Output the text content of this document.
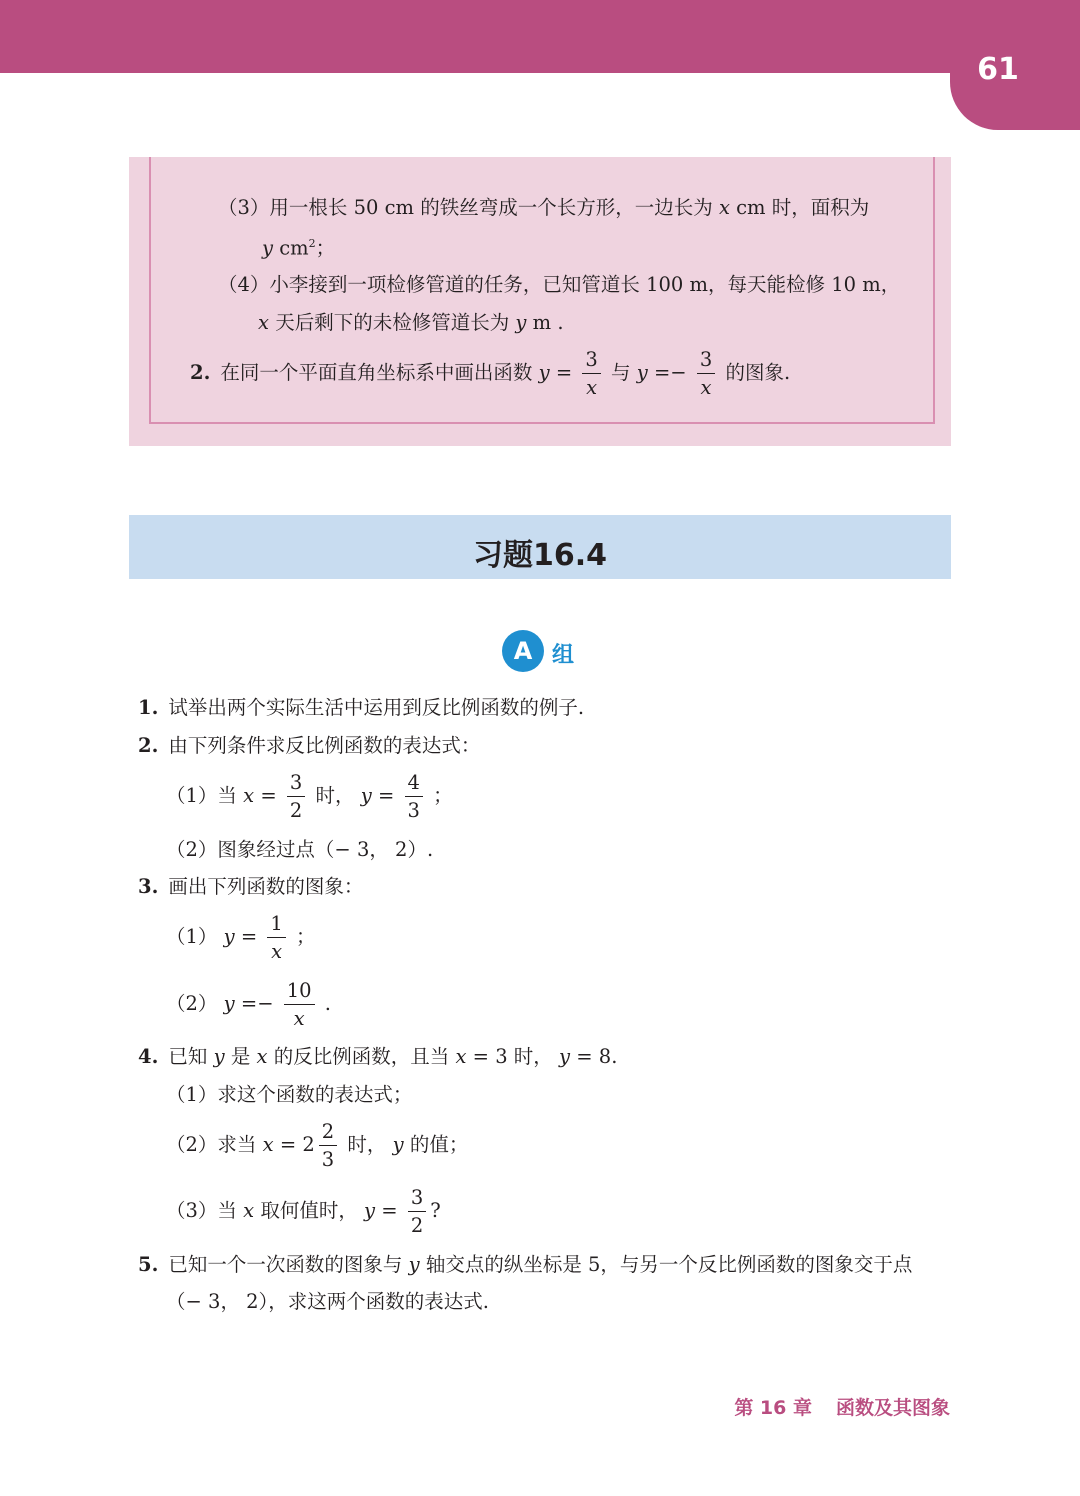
61
（3）用一根长 50 cm 的铁丝弯成一个长方形，一边长为 x cm 时，面积为
y $cm^2$；
（4）小李接到一项检修管道的任务，已知管道长 100 m，每天能检修 10 m，
x 天后剩下的未检修管道长为 y m .
2. 在同一个平面直角坐标系中画出函数 $y = \frac{3}{x}$ 与 $y =- \frac{3}{x}$ 的图象.
习题16.4
A 组
1. 试举出两个实际生活中运用到反比例函数的例子.
2. 由下列条件求反比例函数的表达式：
（1）当 $x = \frac{3}{2}$ 时， $y = \frac{4}{3}$ ；
（2）图象经过点（− 3， 2）.
3. 画出下列函数的图象：
（1） $y = \frac{1}{x}$ ；
（2） $y =- \frac{10}{x}$ .
4. 已知 y 是 x 的反比例函数，且当 x = 3 时， y = 8.
（1）求这个函数的表达式；
（2）求当 $x = 2 \frac{2}{3}$ 时， y 的值；
（3）当 x 取何值时， $y = \frac{3}{2}$ ?
5. 已知一个一次函数的图象与 y 轴交点的纵坐标是 5，与另一个反比例函数的图象交于点
（− 3， 2），求这两个函数的表达式.
第 16 章 函数及其图象
